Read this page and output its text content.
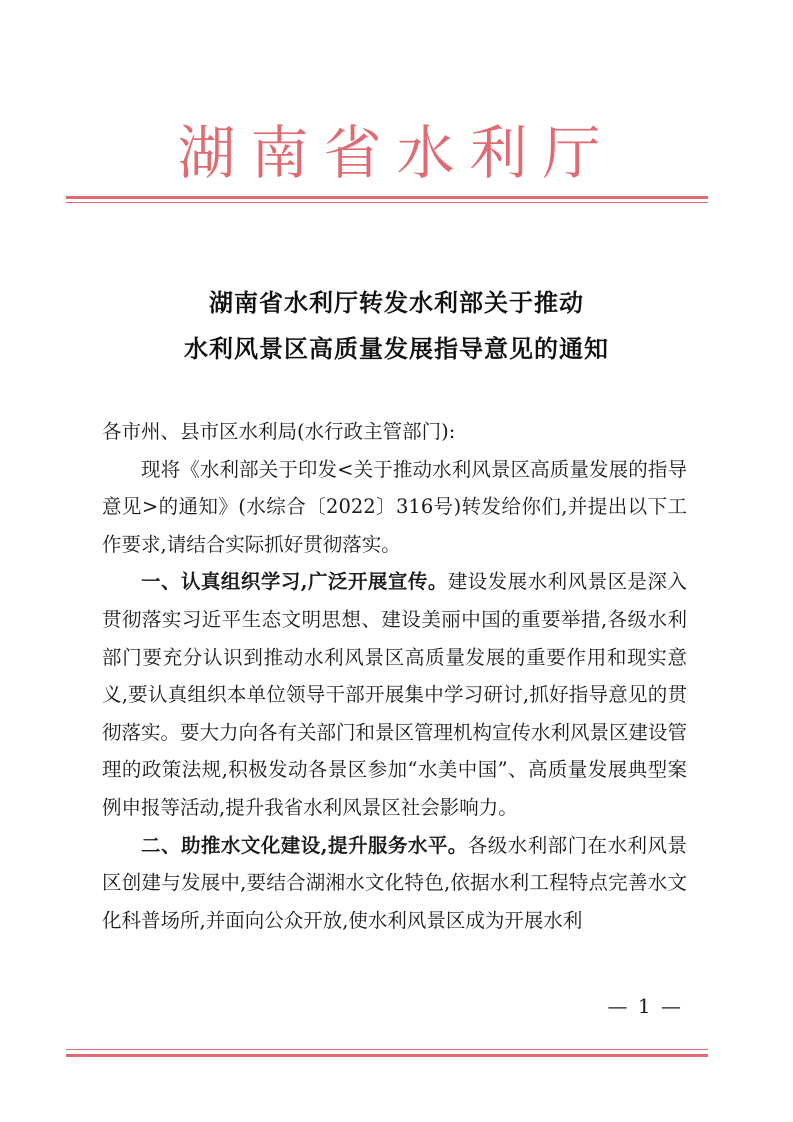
湖南省水利厅
湖南省水利厅转发水利部关于推动
水利风景区高质量发展指导意见的通知

各市州、县市区水利局(水行政主管部门):

现将《水利部关于印发<关于推动水利风景区高质量发展的指导意见>的通知》(水综合〔2022〕316号)转发给你们,并提出以下工作要求,请结合实际抓好贯彻落实。

一、认真组织学习,广泛开展宣传。建设发展水利风景区是深入贯彻落实习近平生态文明思想、建设美丽中国的重要举措,各级水利部门要充分认识到推动水利风景区高质量发展的重要作用和现实意义,要认真组织本单位领导干部开展集中学习研讨,抓好指导意见的贯彻落实。要大力向各有关部门和景区管理机构宣传水利风景区建设管理的政策法规,积极发动各景区参加“水美中国”、高质量发展典型案例申报等活动,提升我省水利风景区社会影响力。

二、助推水文化建设,提升服务水平。各级水利部门在水利风景区创建与发展中,要结合湖湘水文化特色,依据水利工程特点完善水文化科普场所,并面向公众开放,使水利风景区成为开展水利

— 1 —
